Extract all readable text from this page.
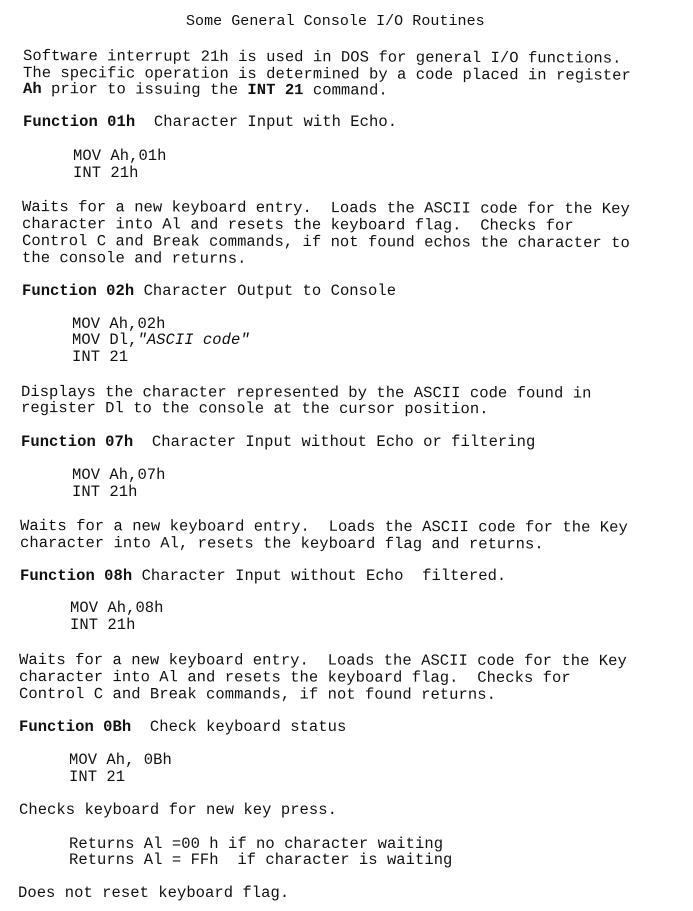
Some General Console I/O Routines
Software interrupt 21h is used in DOS for general I/O functions.
The specific operation is determined by a code placed in register
Ah prior to issuing the INT 21 command.
Function 01h Character Input with Echo.
MOV Ah,01h
INT 21h
Waits for a new keyboard entry.  Loads the ASCII code for the Key
character into Al and resets the keyboard flag.  Checks for
Control C and Break commands, if not found echos the character to
the console and returns.
Function 02h Character Output to Console
MOV Ah,02h
MOV Dl,"ASCII code"
INT 21
Displays the character represented by the ASCII code found in
register Dl to the console at the cursor position.
Function 07h Character Input without Echo or filtering
MOV Ah,07h
INT 21h
Waits for a new keyboard entry.  Loads the ASCII code for the Key
character into Al, resets the keyboard flag and returns.
Function 08h Character Input without Echo  filtered.
MOV Ah,08h
INT 21h
Waits for a new keyboard entry.  Loads the ASCII code for the Key
character into Al and resets the keyboard flag.  Checks for
Control C and Break commands, if not found returns.
Function 0Bh Check keyboard status
MOV Ah, 0Bh
INT 21
Checks keyboard for new key press.
Returns Al =00 h if no character waiting
Returns Al = FFh  if character is waiting
Does not reset keyboard flag.
